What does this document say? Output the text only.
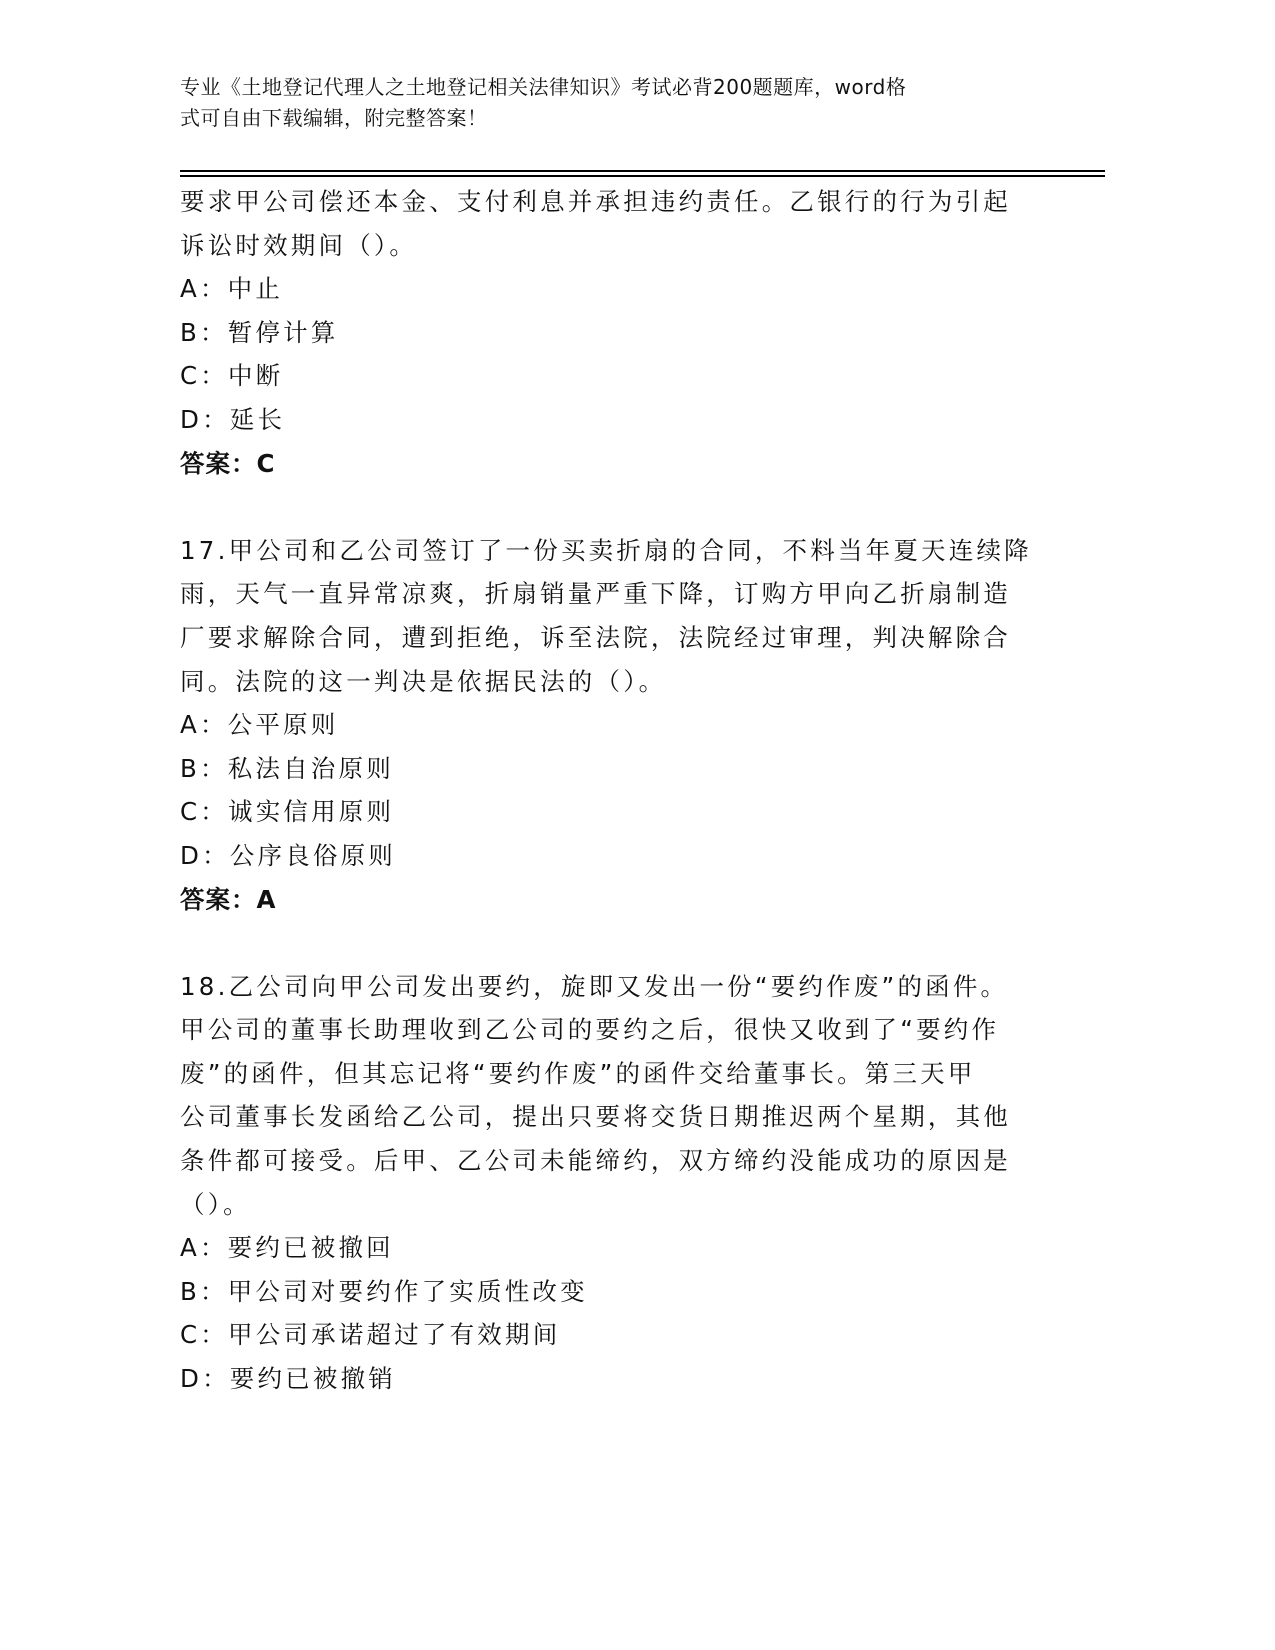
专业《土地登记代理人之土地登记相关法律知识》考试必背200题题库，word格
式可自由下载编辑，附完整答案！
要求甲公司偿还本金、支付利息并承担违约责任。乙银行的行为引起
诉讼时效期间（）。
A：中止
B：暂停计算
C：中断
D：延长
答案：C
17.甲公司和乙公司签订了一份买卖折扇的合同，不料当年夏天连续降
雨，天气一直异常凉爽，折扇销量严重下降，订购方甲向乙折扇制造
厂要求解除合同，遭到拒绝，诉至法院，法院经过审理，判决解除合
同。法院的这一判决是依据民法的（）。
A：公平原则
B：私法自治原则
C：诚实信用原则
D：公序良俗原则
答案：A
18.乙公司向甲公司发出要约，旋即又发出一份“要约作废”的函件。
甲公司的董事长助理收到乙公司的要约之后，很快又收到了“要约作
废”的函件，但其忘记将“要约作废”的函件交给董事长。第三天甲
公司董事长发函给乙公司，提出只要将交货日期推迟两个星期，其他
条件都可接受。后甲、乙公司未能缔约，双方缔约没能成功的原因是
（）。
A：要约已被撤回
B：甲公司对要约作了实质性改变
C：甲公司承诺超过了有效期间
D：要约已被撤销
